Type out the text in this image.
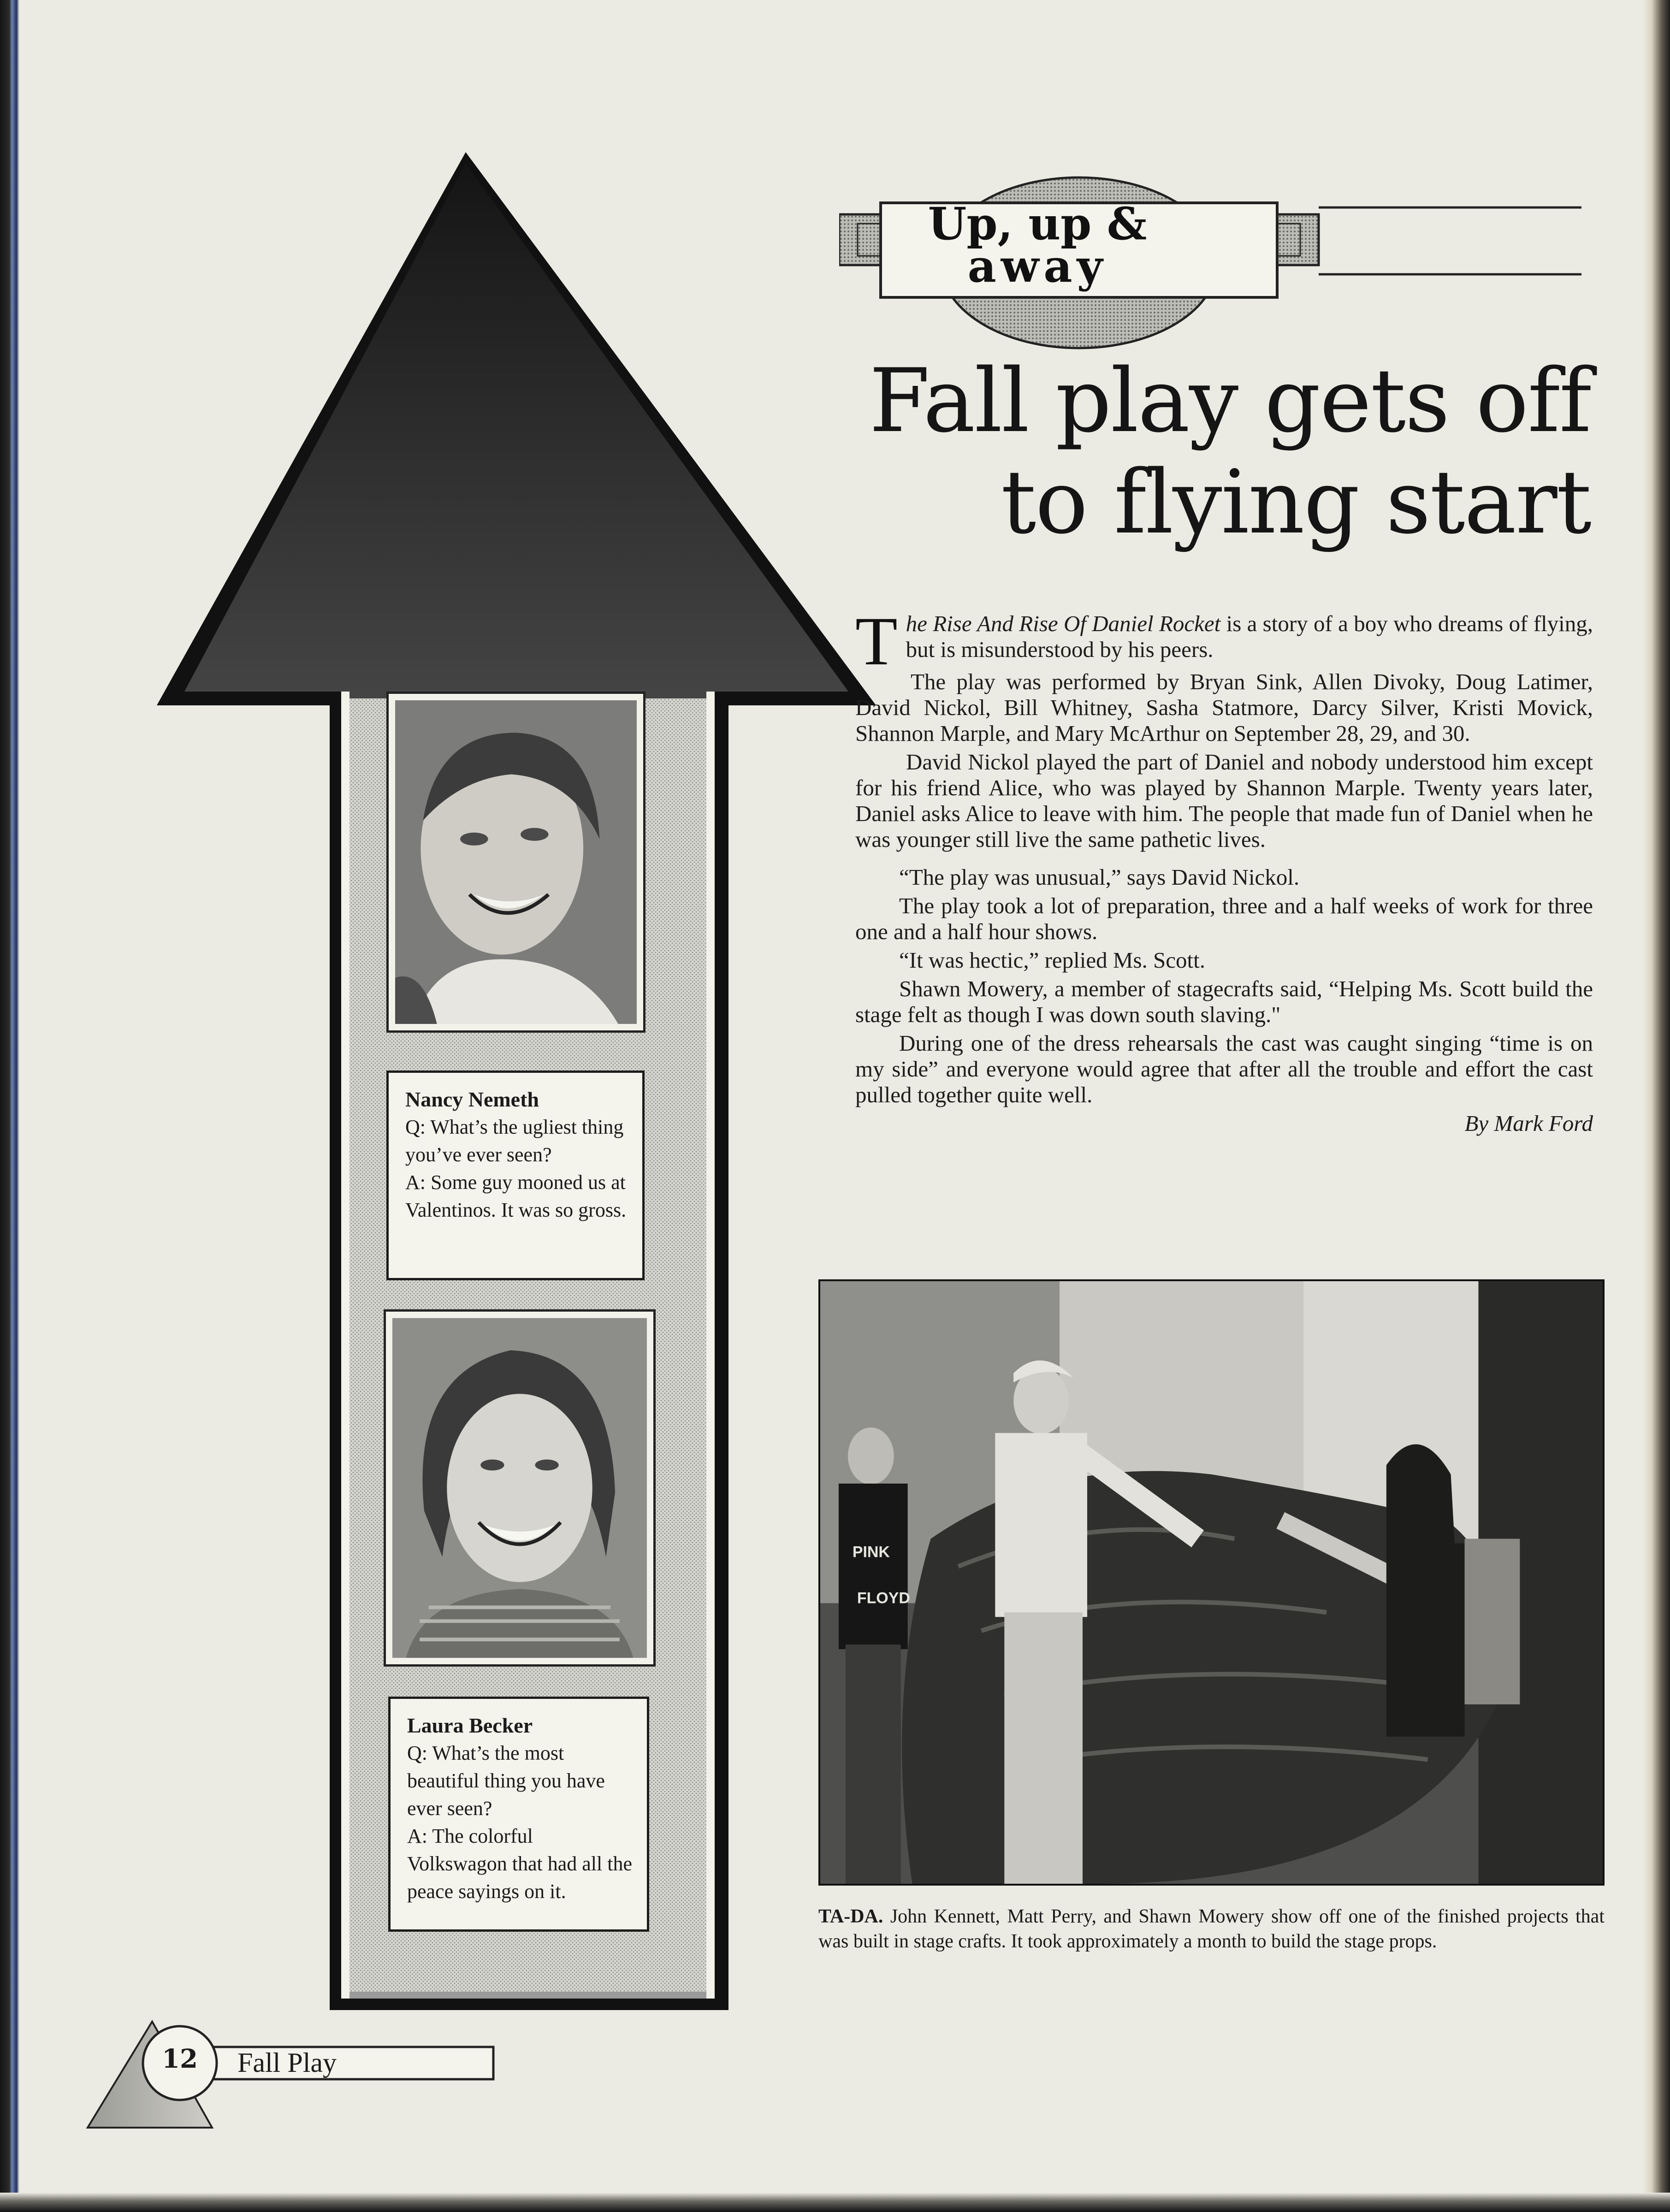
Nancy Nemeth
Q: What’s the ugliest thing you’ve ever seen?
A: Some guy mooned us at Valentinos. It was so gross.
Laura Becker
Q: What’s the most beautiful thing you have ever seen?
A: The colorful Volkswagon that had all the peace sayings on it.
Up, up &
away
Fall play gets off
to flying start

The Rise And Rise Of Daniel Rocket is a story of a boy who dreams of flying, but is misunderstood by his peers.

The play was performed by Bryan Sink, Allen Divoky, Doug Latimer, David Nickol, Bill Whitney, Sasha Statmore, Darcy Silver, Kristi Movick, Shannon Marple, and Mary McArthur on September 28, 29, and 30.

David Nickol played the part of Daniel and nobody understood him except for his friend Alice, who was played by Shannon Marple. Twenty years later, Daniel asks Alice to leave with him. The people that made fun of Daniel when he was younger still live the same pathetic lives.

“The play was unusual,” says David Nickol.

The play took a lot of preparation, three and a half weeks of work for three one and a half hour shows.

“It was hectic,” replied Ms. Scott.

Shawn Mowery, a member of stagecrafts said, “Helping Ms. Scott build the stage felt as though I was down south slaving."

During one of the dress rehearsals the cast was caught singing “time is on my side” and everyone would agree that after all the trouble and effort the cast pulled together quite well.

By Mark Ford
PINK
FLOYD
TA-DA. John Kennett, Matt Perry, and Shawn Mowery show off one of the finished projects that was built in stage crafts. It took approximately a month to build the stage props.
12	Fall Play
